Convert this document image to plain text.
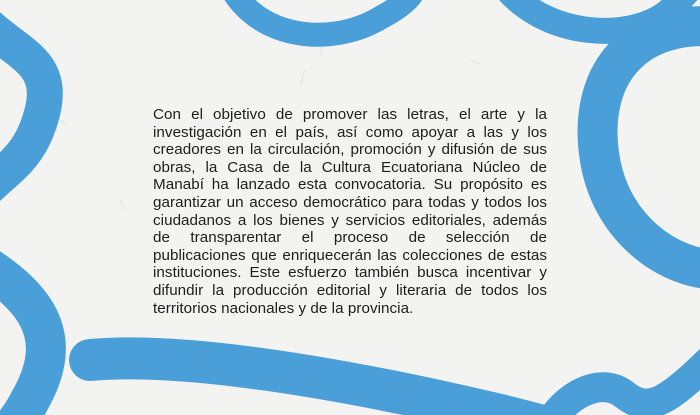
Con el objetivo de promover las letras, el arte y la investigación en el país, así como apoyar a las y los creadores en la circulación, promoción y difusión de sus obras, la Casa de la Cultura Ecuatoriana Núcleo de Manabí ha lanzado esta convocatoria. Su propósito es garantizar un acceso democrático para todas y todos los ciudadanos a los bienes y servicios editoriales, además de transparentar el proceso de selección de publicaciones que enriquecerán las colecciones de estas instituciones. Este esfuerzo también busca incentivar y difundir la producción editorial y literaria de todos los territorios nacionales y de la provincia.
